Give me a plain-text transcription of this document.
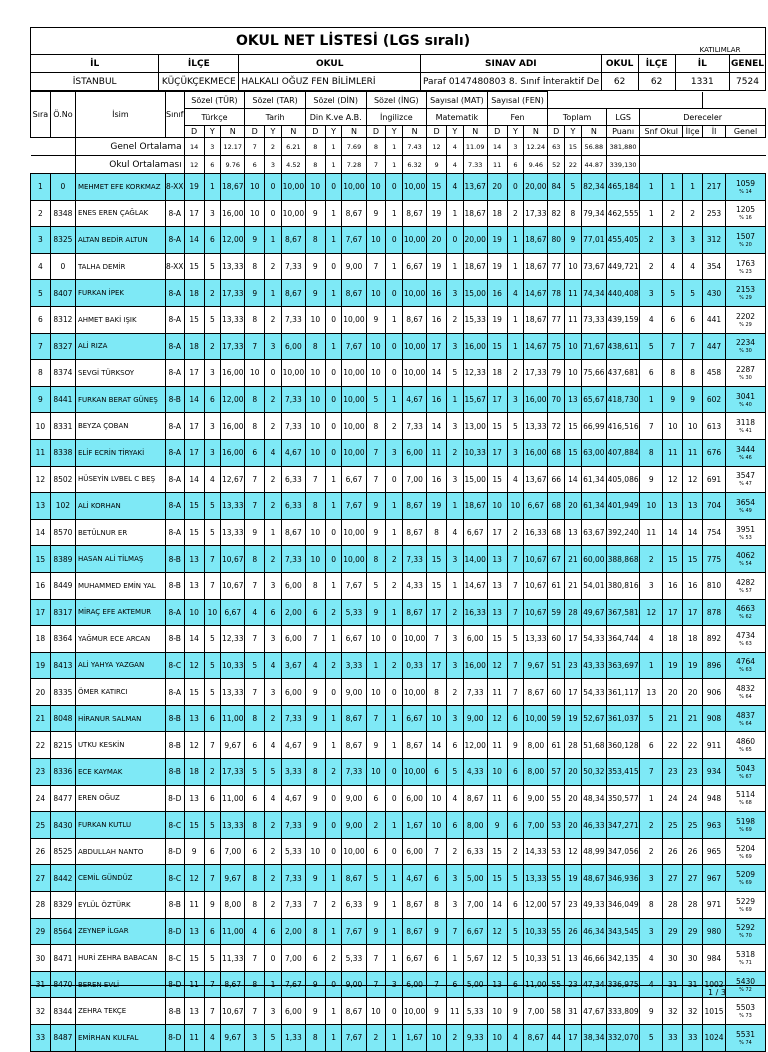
OKUL NET LİSTESİ (LGS sıralı)						KATILIMLAR	
İL	İLÇE	OKUL	SINAV ADI	OKUL	İLÇE	İL	GENEL
İSTANBUL	KÜÇÜKÇEKMECE	HALKALI OĞUZ FEN BİLİMLERİ	Paraf 0147480803 8. Sınıf İnteraktif De	62	62	1331	7524
Sıra	Ö.No	İsim	Sınıf	Sözel (TÜR)			Sözel (TAR)			Sözel (DİN)			Sözel (İNG)			Sayısal (MAT)			Sayısal (FEN)											
				Türkçe			Tarih			Din K.ve A.B.			İngilizce			Matematik			Fen			Toplam			LGS	Dereceler				
				D	Y	N	D	Y	N	D	Y	N	D	Y	N	D	Y	N	D	Y	N	D	Y	N	Puanı	Snf Okul		İlçe	İl	Genel
		Genel Ortalama		14	3	12.17	7	2	6.21	8	1	7.69	8	1	7.43	12	4	11.09	14	3	12.24	63	15	56.88	381,880					
		Okul Ortalaması		12	6	9.76	6	3	4.52	8	1	7.28	7	1	6.32	9	4	7.33	11	6	9.46	52	22	44.87	339,130					
1	0	MEHMET EFE KORKMAZ	8-XX	19	1	18,67	10	0	10,00	10	0	10,00	10	0	10,00	15	4	13,67	20	0	20,00	84	5	82,34	465,184	1	1	1	217	1059
% 14

2	8348	ENES EREN ÇAĞLAK	8-A	17	3	16,00	10	0	10,00	9	1	8,67	9	1	8,67	19	1	18,67	18	2	17,33	82	8	79,34	462,555	1	2	2	253	1205
% 16

3	8325	ALTAN BEDİR ALTUN	8-A	14	6	12,00	9	1	8,67	8	1	7,67	10	0	10,00	20	0	20,00	19	1	18,67	80	9	77,01	455,405	2	3	3	312	1507
% 20

4	0	TALHA DEMİR	8-XX	15	5	13,33	8	2	7,33	9	0	9,00	7	1	6,67	19	1	18,67	19	1	18,67	77	10	73,67	449,721	2	4	4	354	1763
% 23

5	8407	FURKAN İPEK	8-A	18	2	17,33	9	1	8,67	9	1	8,67	10	0	10,00	16	3	15,00	16	4	14,67	78	11	74,34	440,408	3	5	5	430	2153
% 29

6	8312	AHMET BAKİ IŞIK	8-A	15	5	13,33	8	2	7,33	10	0	10,00	9	1	8,67	16	2	15,33	19	1	18,67	77	11	73,33	439,159	4	6	6	441	2202
% 29

7	8327	ALİ RIZA	8-A	18	2	17,33	7	3	6,00	8	1	7,67	10	0	10,00	17	3	16,00	15	1	14,67	75	10	71,67	438,611	5	7	7	447	2234
% 30

8	8374	SEVGİ TÜRKSOY	8-A	17	3	16,00	10	0	10,00	10	0	10,00	10	0	10,00	14	5	12,33	18	2	17,33	79	10	75,66	437,681	6	8	8	458	2287
% 30

9	8441	FURKAN BERAT GÜNEŞ	8-B	14	6	12,00	8	2	7,33	10	0	10,00	5	1	4,67	16	1	15,67	17	3	16,00	70	13	65,67	418,730	1	9	9	602	3041
% 40

10	8331	BEYZA ÇOBAN	8-A	17	3	16,00	8	2	7,33	10	0	10,00	8	2	7,33	14	3	13,00	15	5	13,33	72	15	66,99	416,516	7	10	10	613	3118
% 41

11	8338	ELİF ECRİN TİRYAKİ	8-A	17	3	16,00	6	4	4,67	10	0	10,00	7	3	6,00	11	2	10,33	17	3	16,00	68	15	63,00	407,884	8	11	11	676	3444
% 46

12	8502	HÜSEYİN LVBEL C BEŞ	8-A	14	4	12,67	7	2	6,33	7	1	6,67	7	0	7,00	16	3	15,00	15	4	13,67	66	14	61,34	405,086	9	12	12	691	3547
% 47

13	102	ALİ KORHAN	8-A	15	5	13,33	7	2	6,33	8	1	7,67	9	1	8,67	19	1	18,67	10	10	6,67	68	20	61,34	401,949	10	13	13	704	3654
% 49

14	8570	BETÜLNUR ER	8-A	15	5	13,33	9	1	8,67	10	0	10,00	9	1	8,67	8	4	6,67	17	2	16,33	68	13	63,67	392,240	11	14	14	754	3951
% 53

15	8389	HASAN ALİ TİLMAŞ	8-B	13	7	10,67	8	2	7,33	10	0	10,00	8	2	7,33	15	3	14,00	13	7	10,67	67	21	60,00	388,868	2	15	15	775	4062
% 54

16	8449	MUHAMMED EMİN YAL	8-B	13	7	10,67	7	3	6,00	8	1	7,67	5	2	4,33	15	1	14,67	13	7	10,67	61	21	54,01	380,816	3	16	16	810	4282
% 57

17	8317	MİRAÇ EFE AKTEMUR	8-A	10	10	6,67	4	6	2,00	6	2	5,33	9	1	8,67	17	2	16,33	13	7	10,67	59	28	49,67	367,581	12	17	17	878	4663
% 62

18	8364	YAĞMUR ECE ARCAN	8-B	14	5	12,33	7	3	6,00	7	1	6,67	10	0	10,00	7	3	6,00	15	5	13,33	60	17	54,33	364,744	4	18	18	892	4734
% 63

19	8413	ALİ YAHYA YAZGAN	8-C	12	5	10,33	5	4	3,67	4	2	3,33	1	2	0,33	17	3	16,00	12	7	9,67	51	23	43,33	363,697	1	19	19	896	4764
% 63

20	8335	ÖMER KATIRCI	8-A	15	5	13,33	7	3	6,00	9	0	9,00	10	0	10,00	8	2	7,33	11	7	8,67	60	17	54,33	361,117	13	20	20	906	4832
% 64

21	8048	HİRANUR SALMAN	8-B	13	6	11,00	8	2	7,33	9	1	8,67	7	1	6,67	10	3	9,00	12	6	10,00	59	19	52,67	361,037	5	21	21	908	4837
% 64

22	8215	UTKU KESKİN	8-B	12	7	9,67	6	4	4,67	9	1	8,67	9	1	8,67	14	6	12,00	11	9	8,00	61	28	51,68	360,128	6	22	22	911	4860
% 65

23	8336	ECE KAYMAK	8-B	18	2	17,33	5	5	3,33	8	2	7,33	10	0	10,00	6	5	4,33	10	6	8,00	57	20	50,32	353,415	7	23	23	934	5043
% 67

24	8477	EREN OĞUZ	8-D	13	6	11,00	6	4	4,67	9	0	9,00	6	0	6,00	10	4	8,67	11	6	9,00	55	20	48,34	350,577	1	24	24	948	5114
% 68

25	8430	FURKAN KUTLU	8-C	15	5	13,33	8	2	7,33	9	0	9,00	2	1	1,67	10	6	8,00	9	6	7,00	53	20	46,33	347,271	2	25	25	963	5198
% 69

26	8525	ABDULLAH NANTO	8-D	9	6	7,00	6	2	5,33	10	0	10,00	6	0	6,00	7	2	6,33	15	2	14,33	53	12	48,99	347,056	2	26	26	965	5204
% 69

27	8442	CEMİL GÜNDÜZ	8-C	12	7	9,67	8	2	7,33	9	1	8,67	5	1	4,67	6	3	5,00	15	5	13,33	55	19	48,67	346,936	3	27	27	967	5209
% 69

28	8329	EYLÜL ÖZTÜRK	8-B	11	9	8,00	8	2	7,33	7	2	6,33	9	1	8,67	8	3	7,00	14	6	12,00	57	23	49,33	346,049	8	28	28	971	5229
% 69

29	8564	ZEYNEP İLGAR	8-D	13	6	11,00	4	6	2,00	8	1	7,67	9	1	8,67	9	7	6,67	12	5	10,33	55	26	46,34	343,545	3	29	29	980	5292
% 70

30	8471	HURİ ZEHRA BABACAN	8-C	15	5	11,33	7	0	7,00	6	2	5,33	7	1	6,67	6	1	5,67	12	5	10,33	51	13	46,66	342,135	4	30	30	984	5318
% 71

31	8470	BEREN EVLİ	8-D	11	7	8,67	8	1	7,67	9	0	9,00	7	3	6,00	7	6	5,00	13	6	11,00	55	23	47,34	336,975	4	31	31	1002	5430
% 72

32	8344	ZEHRA TEKÇE	8-B	13	7	10,67	7	3	6,00	9	1	8,67	10	0	10,00	9	11	5,33	10	9	7,00	58	31	47,67	333,809	9	32	32	1015	5503
% 73

33	8487	EMİRHAN KULFAL	8-D	11	4	9,67	3	5	1,33	8	1	7,67	2	1	1,67	10	2	9,33	10	4	8,67	44	17	38,34	332,070	5	33	33	1024	5531
% 74
1 / 3
